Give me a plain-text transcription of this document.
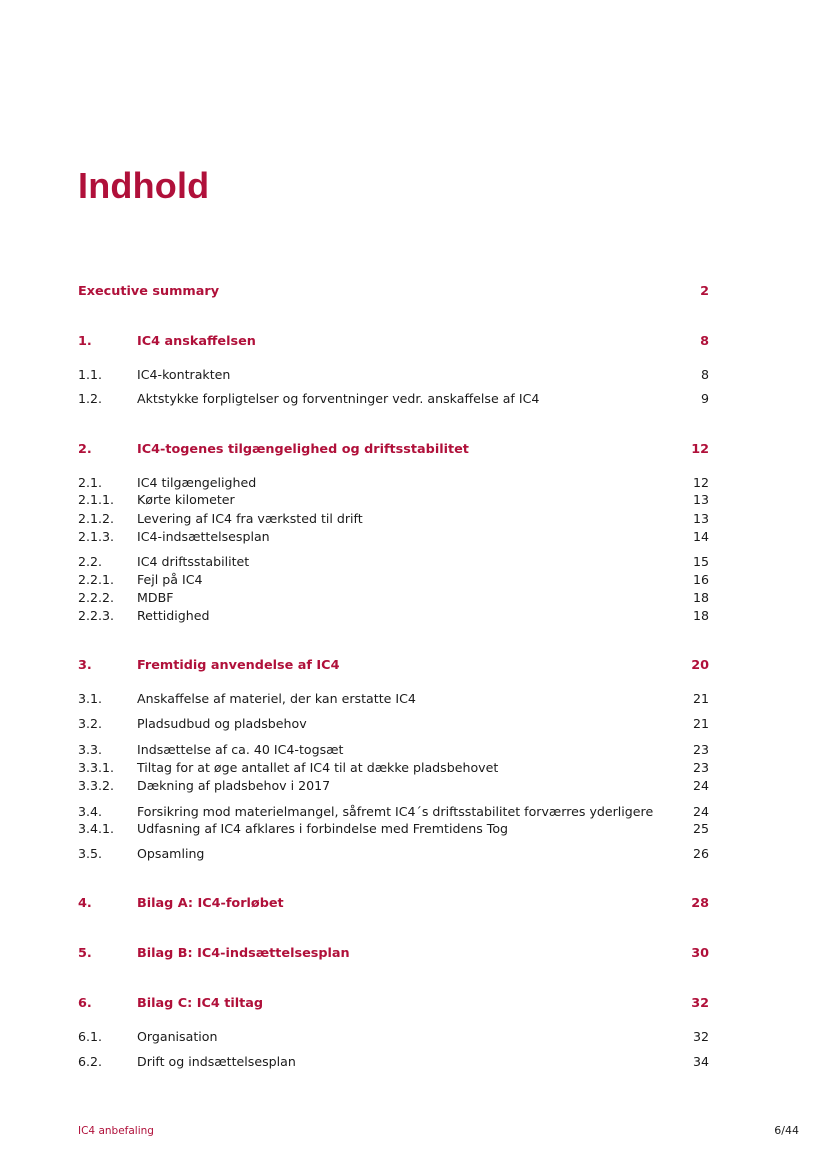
Indhold
Executive summary	2
1.	IC4 anskaffelsen	8
1.1.	IC4-kontrakten	8
1.2.	Aktstykke forpligtelser og forventninger vedr. anskaffelse af IC4	9
2.	IC4-togenes tilgængelighed og driftsstabilitet	12
2.1.	IC4 tilgængelighed	12
2.1.1. Kørte kilometer	13
2.1.2. Levering af IC4 fra værksted til drift	13
2.1.3. IC4-indsættelsesplan	14
2.2.	IC4 driftsstabilitet	15
2.2.1. Fejl på IC4	16
2.2.2. MDBF	18
2.2.3. Rettidighed	18
3.	Fremtidig anvendelse af IC4	20
3.1.	Anskaffelse af materiel, der kan erstatte IC4	21
3.2.	Pladsudbud og pladsbehov	21
3.3.	Indsættelse af ca. 40 IC4-togsæt	23
3.3.1. Tiltag for at øge antallet af IC4 til at dække pladsbehovet	23
3.3.2. Dækning af pladsbehov i 2017	24
3.4.	Forsikring mod materielmangel, såfremt IC4´s driftsstabilitet forværres yderligere	24
3.4.1. Udfasning af IC4 afklares i forbindelse med Fremtidens Tog	25
3.5.	Opsamling	26
4.	Bilag A: IC4-forløbet	28
5.	Bilag B: IC4-indsættelsesplan	30
6.	Bilag C: IC4 tiltag	32
6.1.	Organisation	32
6.2.	Drift og indsættelsesplan	34
IC4 anbefaling	6/44
